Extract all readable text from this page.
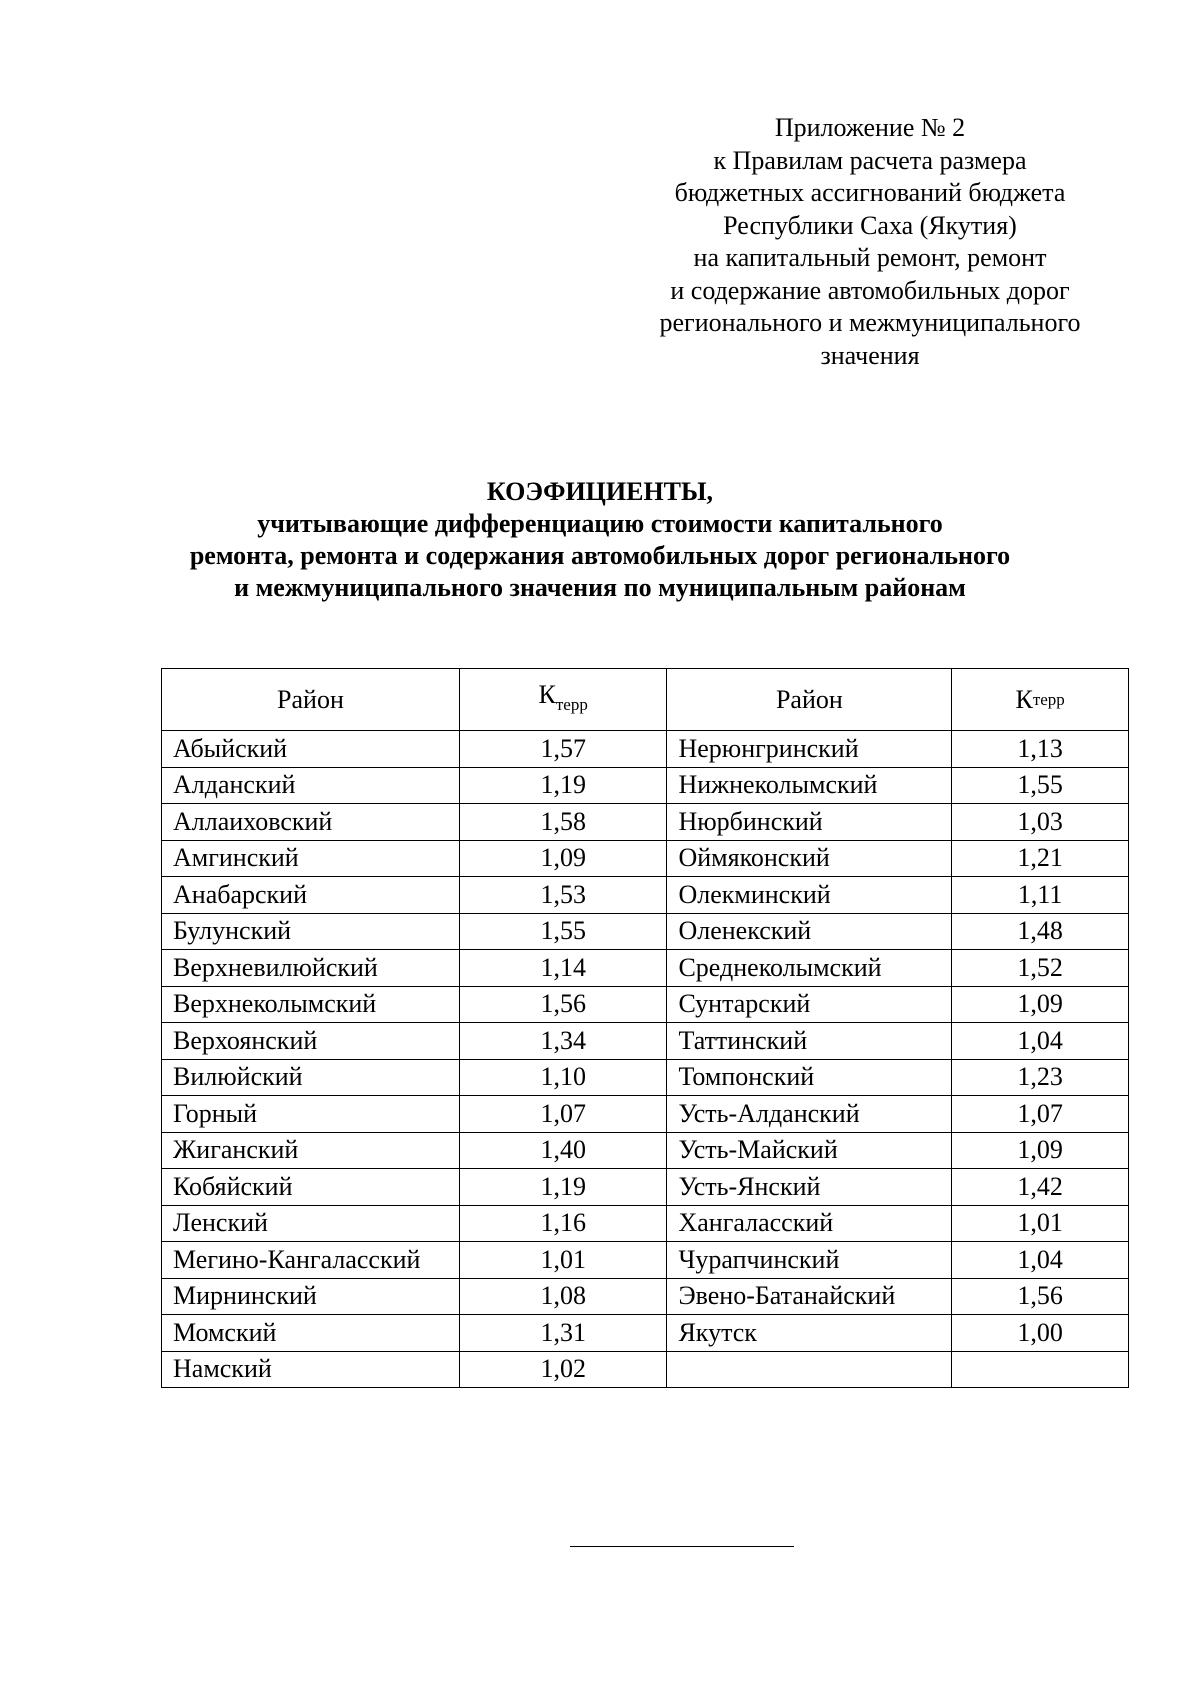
Приложение № 2
к Правилам расчета размера
бюджетных ассигнований бюджета
Республики Саха (Якутия)
на капитальный ремонт, ремонт
и содержание автомобильных дорог
регионального и межмуниципального
значения
КОЭФИЦИЕНТЫ,
учитывающие дифференциацию стоимости капитального
ремонта, ремонта и содержания автомобильных дорог регионального
и межмуниципального значения по муниципальным районам
Район	$К_{терр}$	Район	$К_{терр}$
Абыйский	1,57	Нерюнгринский	1,13
Алданский	1,19	Нижнеколымский	1,55
Аллаиховский	1,58	Нюрбинский	1,03
Амгинский	1,09	Оймяконский	1,21
Анабарский	1,53	Олекминский	1,11
Булунский	1,55	Оленекский	1,48
Верхневилюйский	1,14	Среднеколымский	1,52
Верхнеколымский	1,56	Сунтарский	1,09
Верхоянский	1,34	Таттинский	1,04
Вилюйский	1,10	Томпонский	1,23
Горный	1,07	Усть-Алданский	1,07
Жиганский	1,40	Усть-Майский	1,09
Кобяйский	1,19	Усть-Янский	1,42
Ленский	1,16	Хангаласский	1,01
Мегино-Кангаласский	1,01	Чурапчинский	1,04
Мирнинский	1,08	Эвено-Батанайский	1,56
Момский	1,31	Якутск	1,00
Намский	1,02		
